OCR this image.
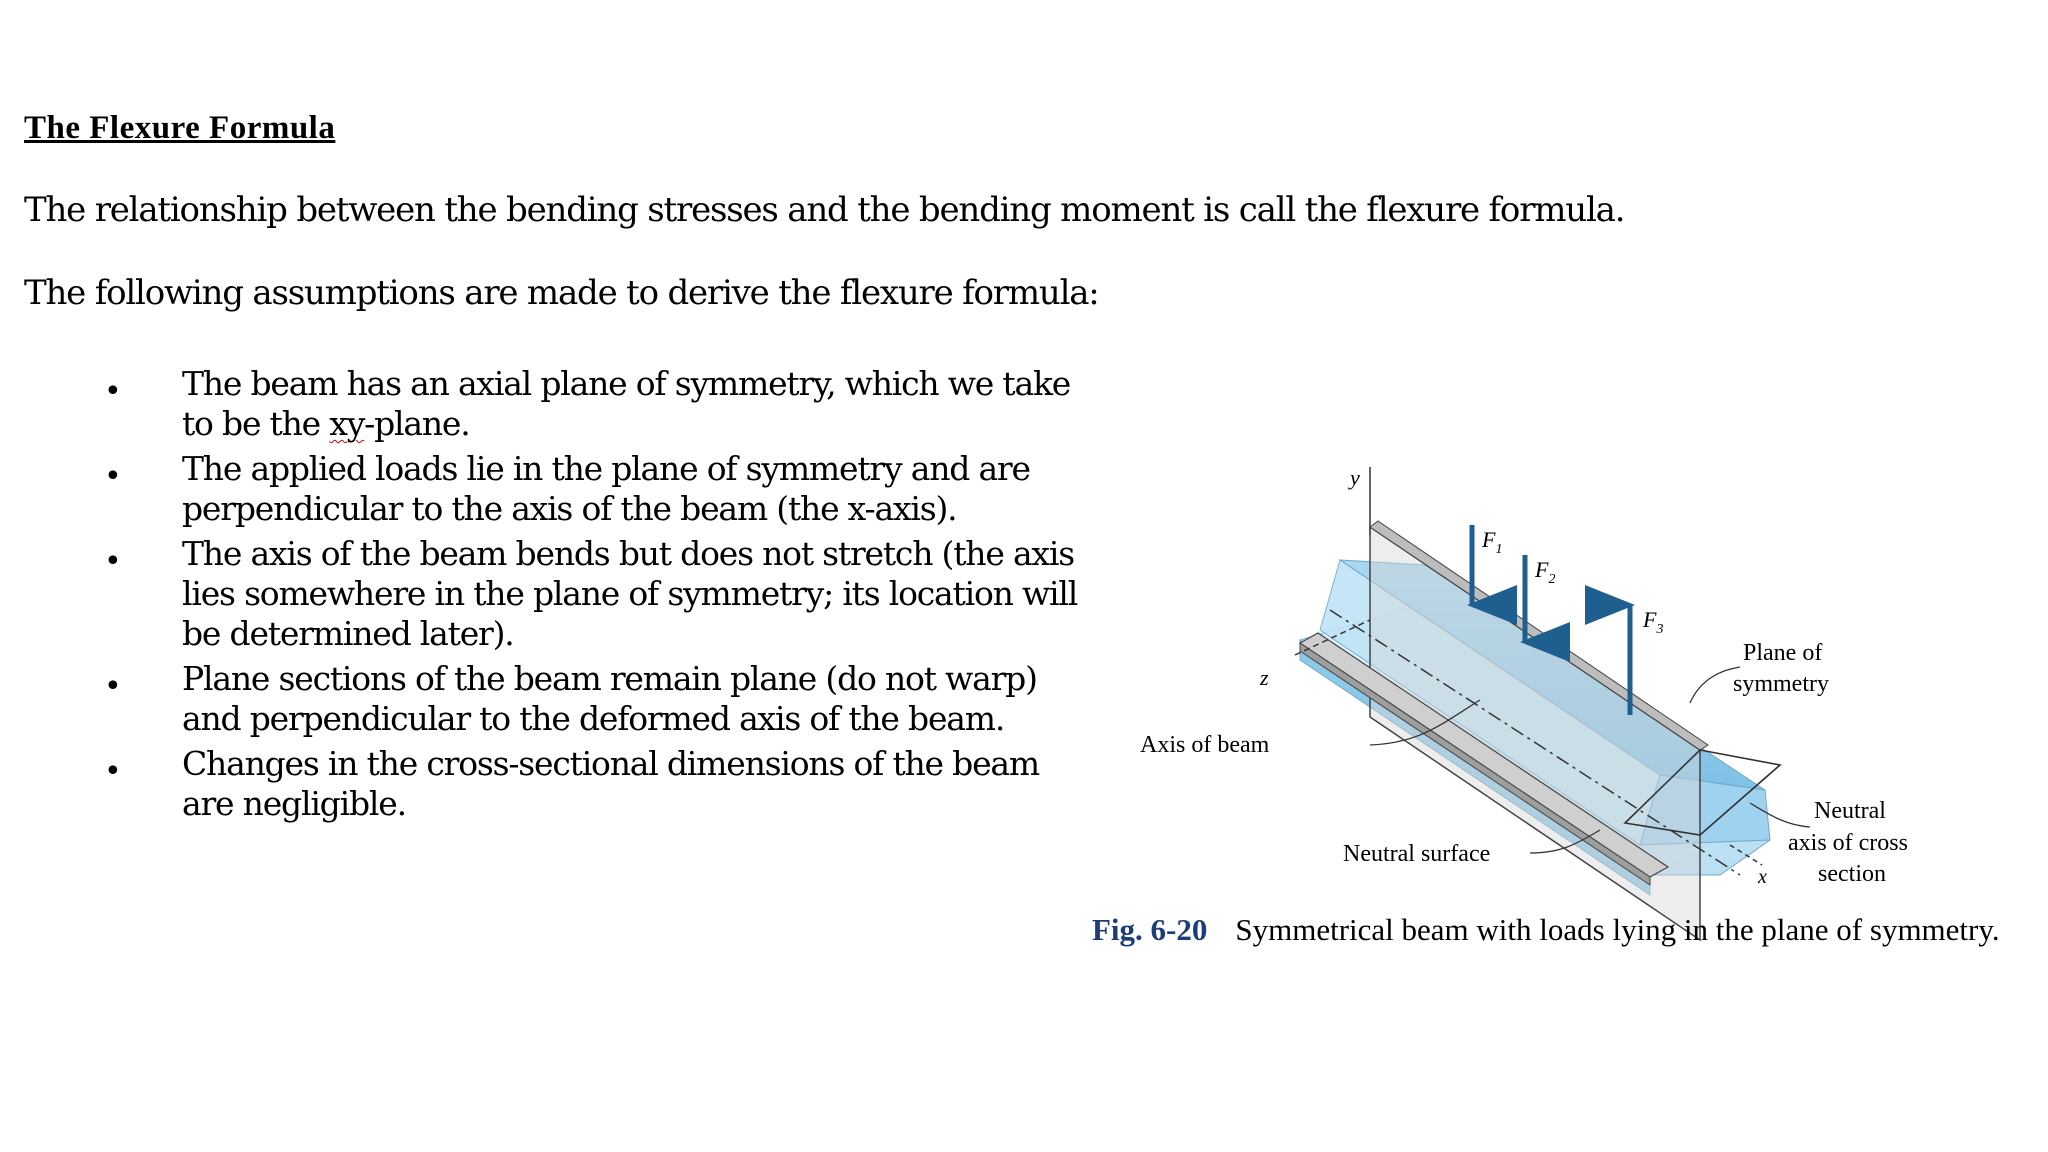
The Flexure Formula
The relationship between the bending stresses and the bending moment is call the flexure formula.
The following assumptions are made to derive the flexure formula:
• The beam has an axial plane of symmetry, which we take to be the xy-plane.
• The applied loads lie in the plane of symmetry and are perpendicular to the axis of the beam (the x-axis).
• The axis of the beam bends but does not stretch (the axis lies somewhere in the plane of symmetry; its location will be determined later).
• Plane sections of the beam remain plane (do not warp) and perpendicular to the deformed axis of the beam.
• Changes in the cross-sectional dimensions of the beam are negligible.
y
z
x
$F_1$
$F_2$
$F_3$
Plane of
symmetry
Axis of beam
Neutral surface
Neutral
axis of cross
section
Fig. 6-20 Symmetrical beam with loads lying in the plane of symmetry.
